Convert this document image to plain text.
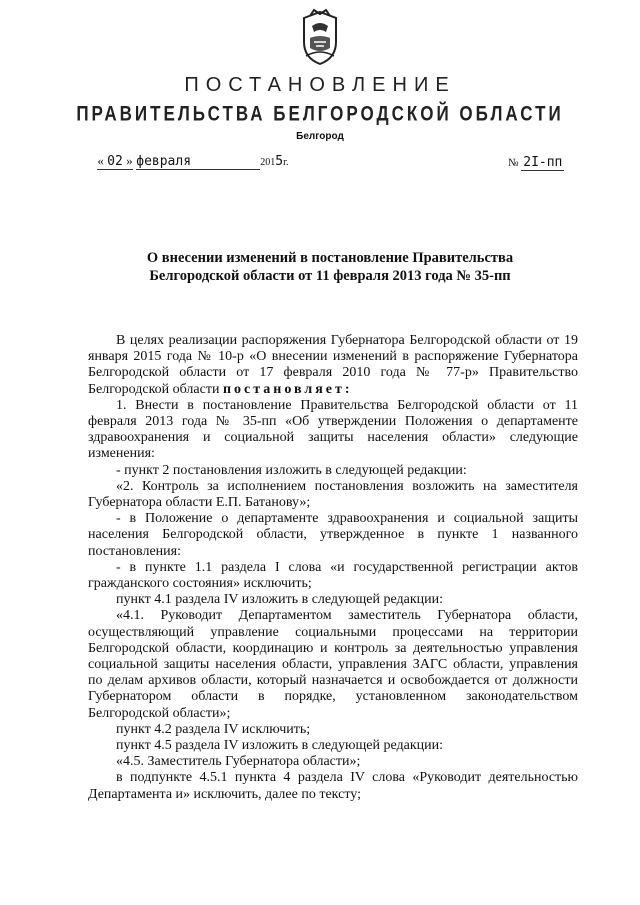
ПОСТАНОВЛЕНИЕ
ПРАВИТЕЛЬСТВА БЕЛГОРОДСКОЙ ОБЛАСТИ
Белгород
« 02 » февраля	2015г.	№ 2I-пп
О внесении изменений в постановление Правительства
Белгородской области от 11 февраля 2013 года № 35-пп

В целях реализации распоряжения Губернатора Белгородской области от 19 января 2015 года № 10-р «О внесении изменений в распоряжение Губернатора Белгородской области от 17 февраля 2010 года № 77-р» Правительство Белгородской области постановляет:

1. Внести в постановление Правительства Белгородской области от 11 февраля 2013 года № 35-пп «Об утверждении Положения о департаменте здравоохранения и социальной защиты населения области» следующие изменения:

- пункт 2 постановления изложить в следующей редакции:

«2. Контроль за исполнением постановления возложить на заместителя Губернатора области Е.П. Батанову»;

- в Положение о департаменте здравоохранения и социальной защиты населения Белгородской области, утвержденное в пункте 1 названного постановления:

- в пункте 1.1 раздела I слова «и государственной регистрации актов гражданского состояния» исключить;

пункт 4.1 раздела IV изложить в следующей редакции:

«4.1. Руководит Департаментом заместитель Губернатора области, осуществляющий управление социальными процессами на территории Белгородской области, координацию и контроль за деятельностью управления социальной защиты населения области, управления ЗАГС области, управления по делам архивов области, который назначается и освобождается от должности Губернатором области в порядке, установленном законодательством Белгородской области»;

пункт 4.2 раздела IV исключить;

пункт 4.5 раздела IV изложить в следующей редакции:

«4.5. Заместитель Губернатора области»;

в подпункте 4.5.1 пункта 4 раздела IV слова «Руководит деятельностью Департамента и» исключить, далее по тексту;
